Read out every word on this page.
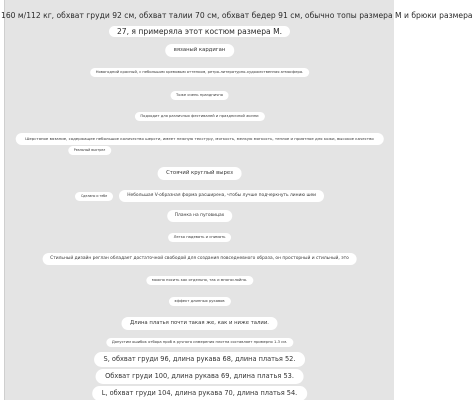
160 м/112 кг, обхват груди 92 см, обхват талии 70 см, обхват бедер 91 см, обычно топы размера M и брюки размера
27, я примеряла этот костюм размера M.
вязаный кардиган
Новогодний красный, с небольшим кремовым оттенком, ретро-литературно-художественная атмосфера.
Тоже очень празднично
Подходит для различных фестивалей и праздничной жизни
Шерстяное вязание, содержащее небольшое количество шерсти, имеет нежную текстуру, мягкость, мелкую мягкость, теплое и приятное для кожи, высокое качество
Реальный выстрел
Стоячий круглый вырез
Сделано и тебе	Небольшая V-образная форма расширена, чтобы лучше подчеркнуть линию шеи
Планка на пуговицах
Легко надевать и снимать
Стильный дизайн реглан обладает достаточной свободой для создания повседневного образа, он просторный и стильный, это
можно носить как отдельно, так и многослойно.
эффект длинных рукавов
Длина платья почти такая же, как и ниже талии.
Допустим ошибок отбора проб в ручного измерения плотна составляет примерно 1-3 см.
S, обхват груди 96, длина рукава 68, длина платья 52.
Обхват груди 100, длина рукава 69, длина платья 53.
L, обхват груди 104, длина рукава 70, длина платья 54.
